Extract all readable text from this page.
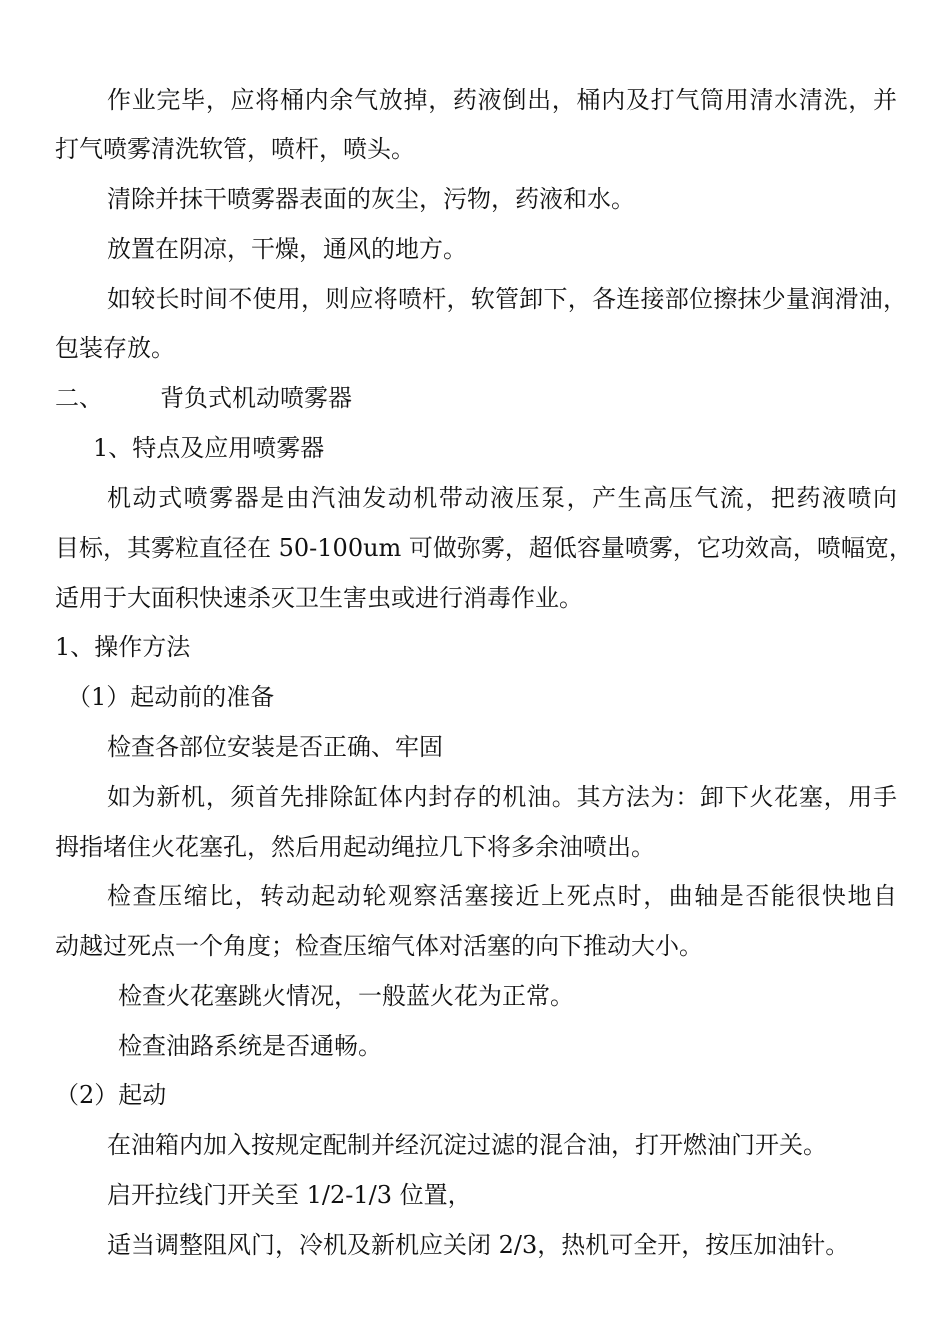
作业完毕，应将桶内余气放掉，药液倒出，桶内及打气筒用清水清洗，并

打气喷雾清洗软管，喷杆，喷头。

清除并抹干喷雾器表面的灰尘，污物，药液和水。

放置在阴凉，干燥，通风的地方。

如较长时间不使用，则应将喷杆，软管卸下，各连接部位擦抹少量润滑油，

包装存放。

二、 背负式机动喷雾器

1、特点及应用喷雾器

机动式喷雾器是由汽油发动机带动液压泵，产生高压气流，把药液喷向

目标，其雾粒直径在 50-100um 可做弥雾，超低容量喷雾，它功效高，喷幅宽，

适用于大面积快速杀灭卫生害虫或进行消毒作业。

1、操作方法

（1）起动前的准备

检查各部位安装是否正确、牢固

如为新机，须首先排除缸体内封存的机油。其方法为：卸下火花塞，用手

拇指堵住火花塞孔，然后用起动绳拉几下将多余油喷出。

检查压缩比，转动起动轮观察活塞接近上死点时，曲轴是否能很快地自

动越过死点一个角度；检查压缩气体对活塞的向下推动大小。

检查火花塞跳火情况，一般蓝火花为正常。

检查油路系统是否通畅。

（2）起动

在油箱内加入按规定配制并经沉淀过滤的混合油，打开燃油门开关。

启开拉线门开关至 1/2-1/3 位置，

适当调整阻风门，冷机及新机应关闭 2/3，热机可全开，按压加油针。
